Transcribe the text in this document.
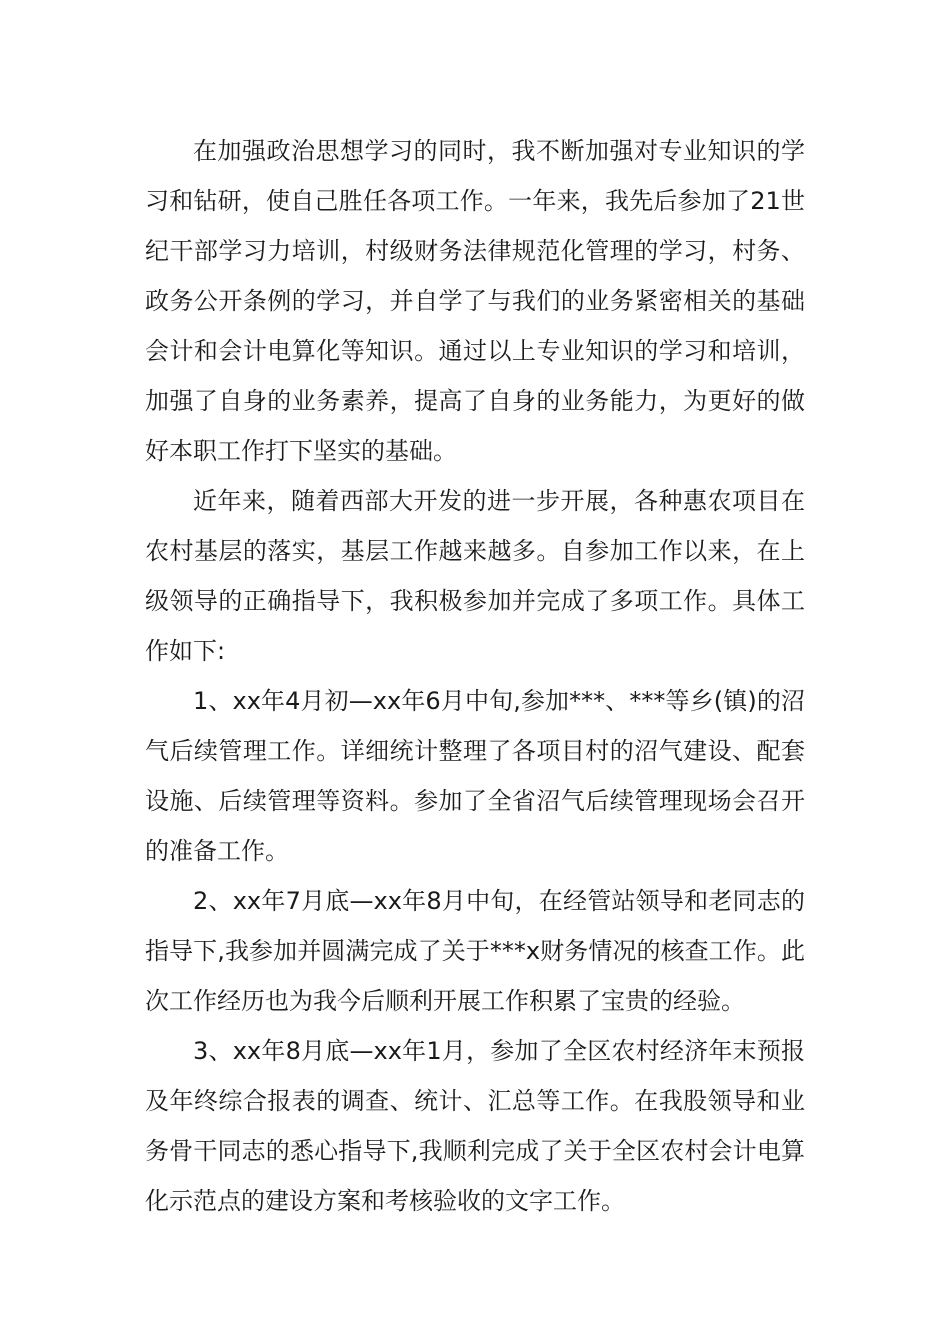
在加强政治思想学习的同时，我不断加强对专业知识的学习和钻研，使自己胜任各项工作。一年来，我先后参加了21世纪干部学习力培训，村级财务法律规范化管理的学习，村务、政务公开条例的学习，并自学了与我们的业务紧密相关的基础会计和会计电算化等知识。通过以上专业知识的学习和培训，加强了自身的业务素养，提高了自身的业务能力，为更好的做好本职工作打下坚实的基础。

近年来，随着西部大开发的进一步开展，各种惠农项目在农村基层的落实，基层工作越来越多。自参加工作以来，在上级领导的正确指导下，我积极参加并完成了多项工作。具体工作如下:

1、xx年4月初—xx年6月中旬,参加***、***等乡(镇)的沼气后续管理工作。详细统计整理了各项目村的沼气建设、配套设施、后续管理等资料。参加了全省沼气后续管理现场会召开的准备工作。

2、xx年7月底—xx年8月中旬，在经管站领导和老同志的指导下,我参加并圆满完成了关于***x财务情况的核查工作。此次工作经历也为我今后顺利开展工作积累了宝贵的经验。

3、xx年8月底—xx年1月，参加了全区农村经济年末预报及年终综合报表的调查、统计、汇总等工作。在我股领导和业务骨干同志的悉心指导下,我顺利完成了关于全区农村会计电算化示范点的建设方案和考核验收的文字工作。
